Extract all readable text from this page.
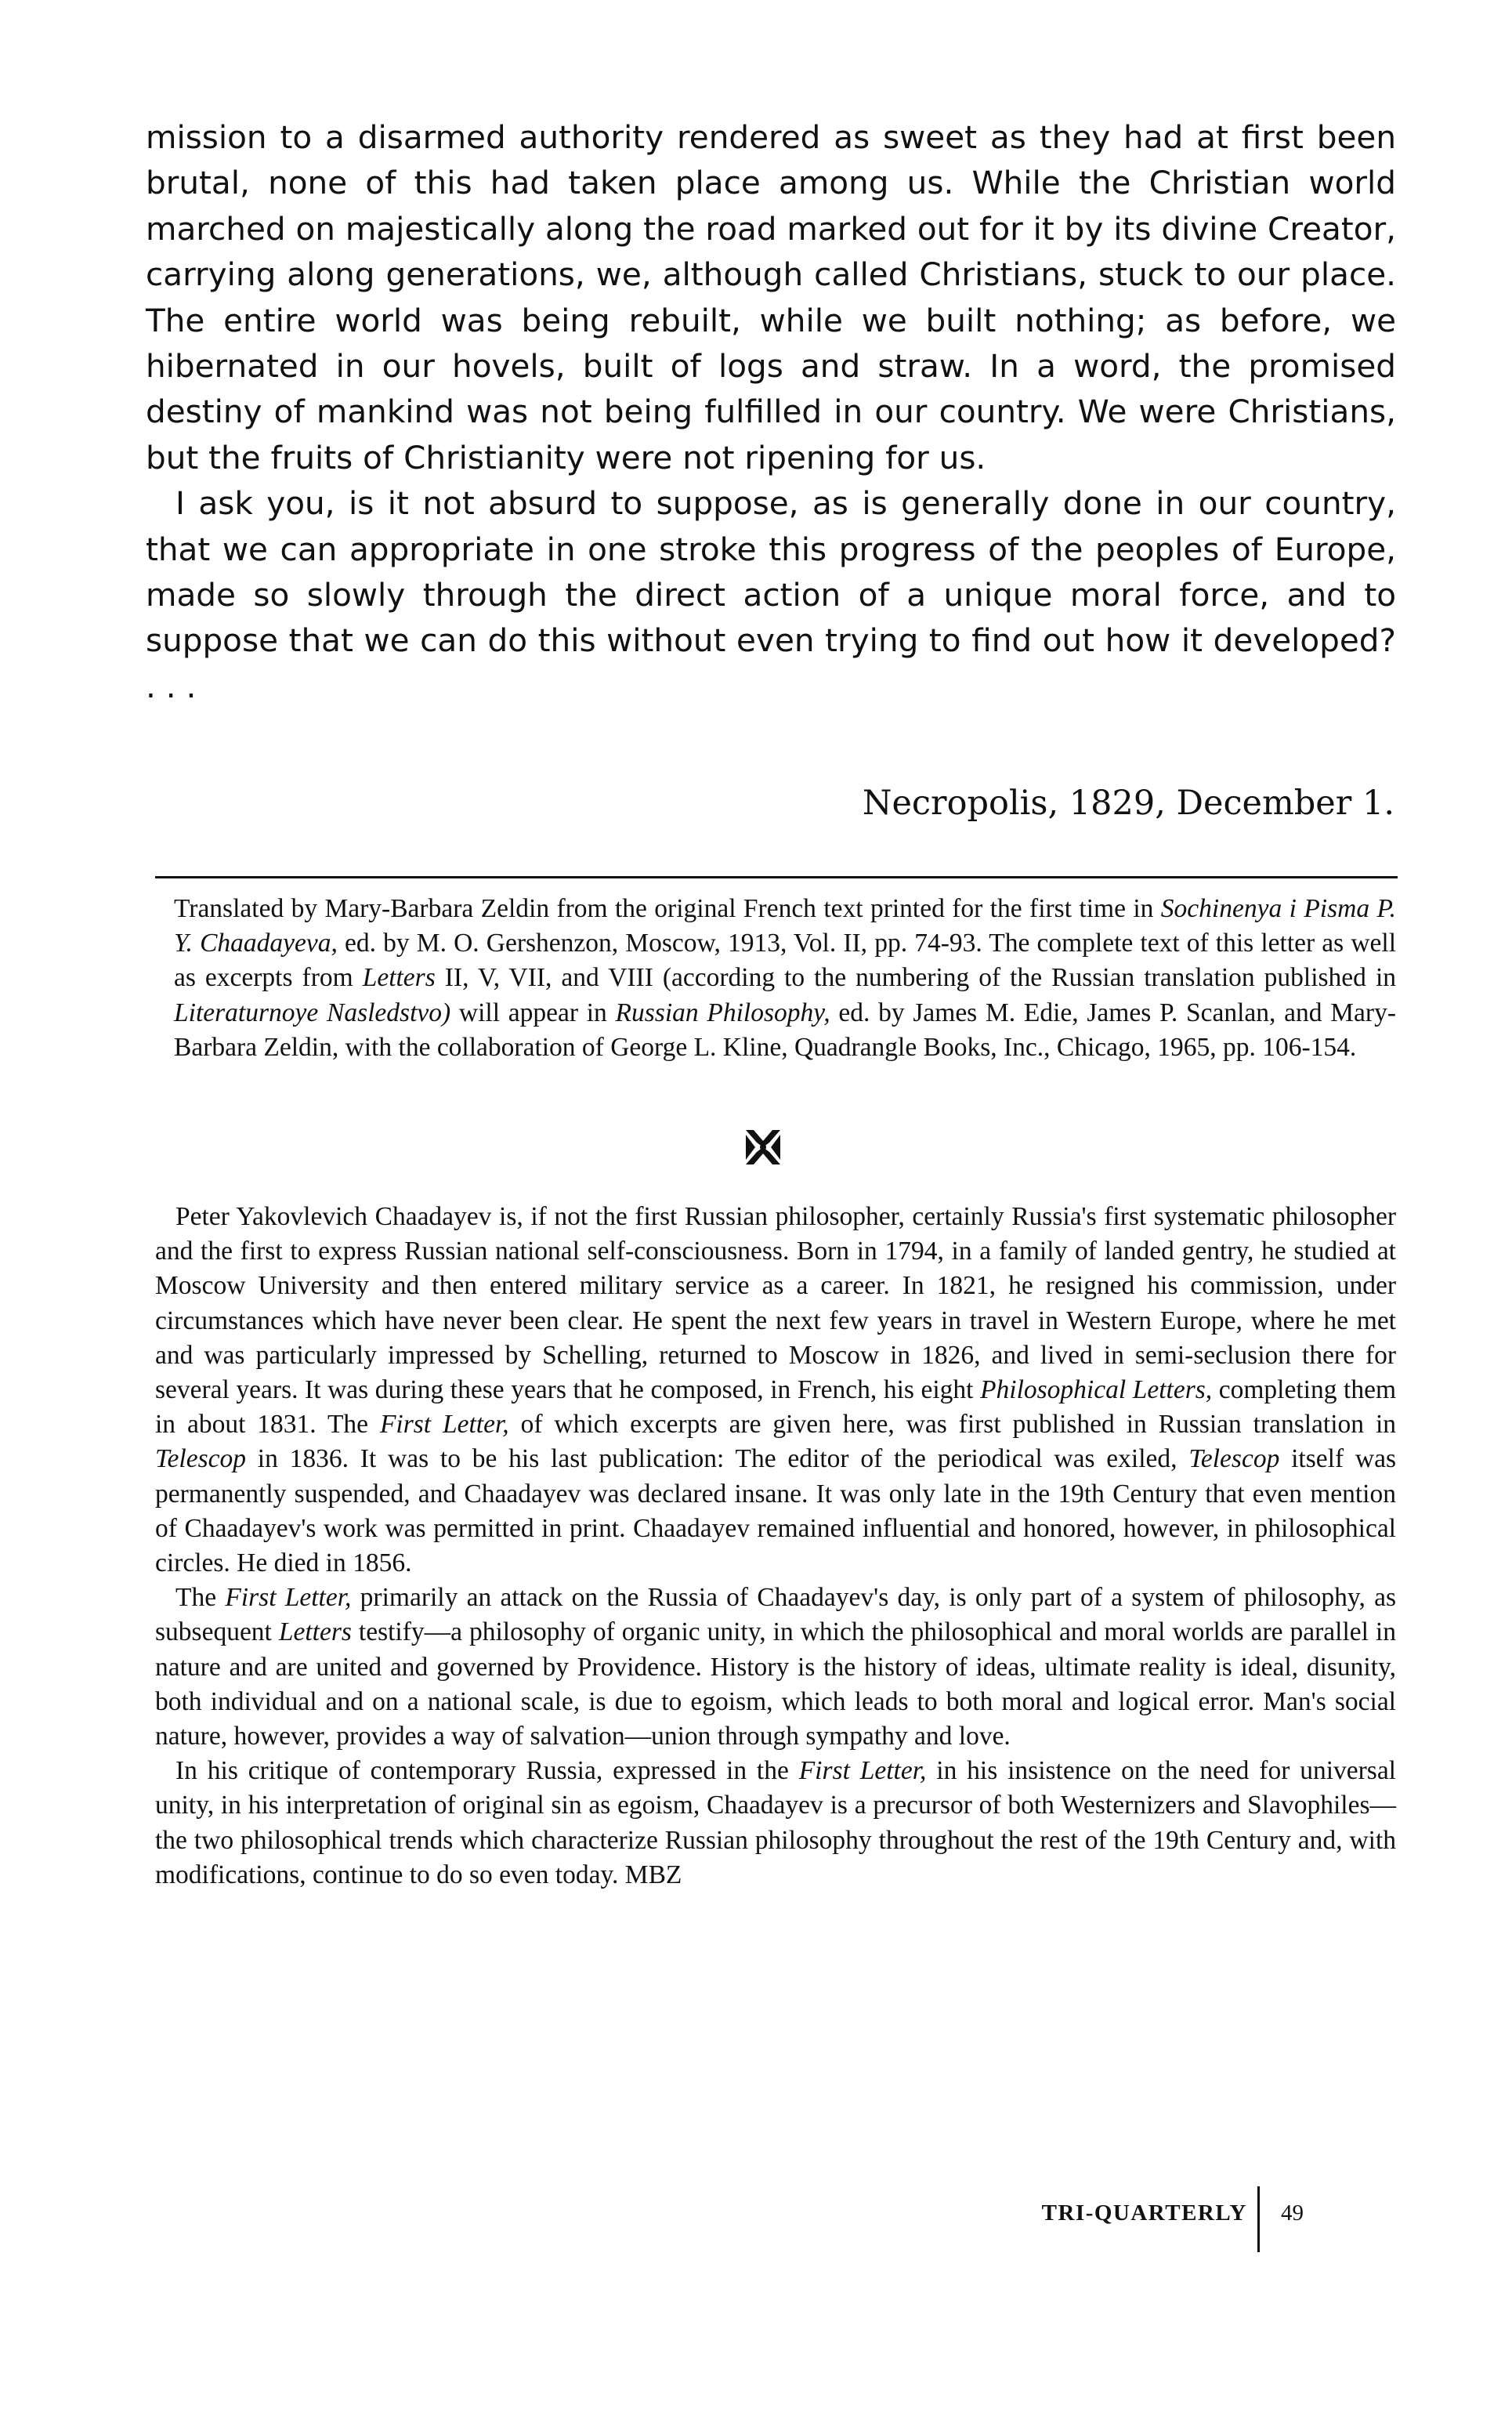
mission to a disarmed authority rendered as sweet as they had at first been brutal, none of this had taken place among us. While the Christian world marched on majestically along the road marked out for it by its divine Creator, carrying along generations, we, although called Christians, stuck to our place. The entire world was being rebuilt, while we built nothing; as before, we hibernated in our hovels, built of logs and straw. In a word, the promised destiny of mankind was not being fulfilled in our country. We were Christians, but the fruits of Christianity were not ripening for us.

I ask you, is it not absurd to suppose, as is generally done in our country, that we can appropriate in one stroke this progress of the peoples of Europe, made so slowly through the direct action of a unique moral force, and to suppose that we can do this without even trying to find out how it developed? . . .

Necropolis, 1829, December 1.

Translated by Mary-Barbara Zeldin from the original French text printed for the first time in Sochinenya i Pisma P. Y. Chaadayeva, ed. by M. O. Gershenzon, Moscow, 1913, Vol. II, pp. 74-93. The complete text of this letter as well as excerpts from Letters II, V, VII, and VIII (according to the numbering of the Russian translation published in Literaturnoye Nasledstvo) will appear in Russian Philosophy, ed. by James M. Edie, James P. Scanlan, and Mary-Barbara Zeldin, with the collaboration of George L. Kline, Quadrangle Books, Inc., Chicago, 1965, pp. 106-154.

Peter Yakovlevich Chaadayev is, if not the first Russian philosopher, certainly Russia's first systematic philosopher and the first to express Russian national self-consciousness. Born in 1794, in a family of landed gentry, he studied at Moscow University and then entered military service as a career. In 1821, he resigned his commission, under circumstances which have never been clear. He spent the next few years in travel in Western Europe, where he met and was particularly impressed by Schelling, returned to Moscow in 1826, and lived in semi-seclusion there for several years. It was during these years that he composed, in French, his eight Philosophical Letters, completing them in about 1831. The First Letter, of which excerpts are given here, was first published in Russian translation in Telescop in 1836. It was to be his last publication: The editor of the periodical was exiled, Telescop itself was permanently suspended, and Chaadayev was declared insane. It was only late in the 19th Century that even mention of Chaadayev's work was permitted in print. Chaadayev remained influential and honored, however, in philosophical circles. He died in 1856.

The First Letter, primarily an attack on the Russia of Chaadayev's day, is only part of a system of philosophy, as subsequent Letters testify—a philosophy of organic unity, in which the philosophical and moral worlds are parallel in nature and are united and governed by Providence. History is the history of ideas, ultimate reality is ideal, disunity, both individual and on a national scale, is due to egoism, which leads to both moral and logical error. Man's social nature, however, provides a way of salvation—union through sympathy and love.

In his critique of contemporary Russia, expressed in the First Letter, in his insistence on the need for universal unity, in his interpretation of original sin as egoism, Chaadayev is a precursor of both Westernizers and Slavophiles—the two philosophical trends which characterize Russian philosophy throughout the rest of the 19th Century and, with modifications, continue to do so even today. MBZ

TRI-QUARTERLY 49
